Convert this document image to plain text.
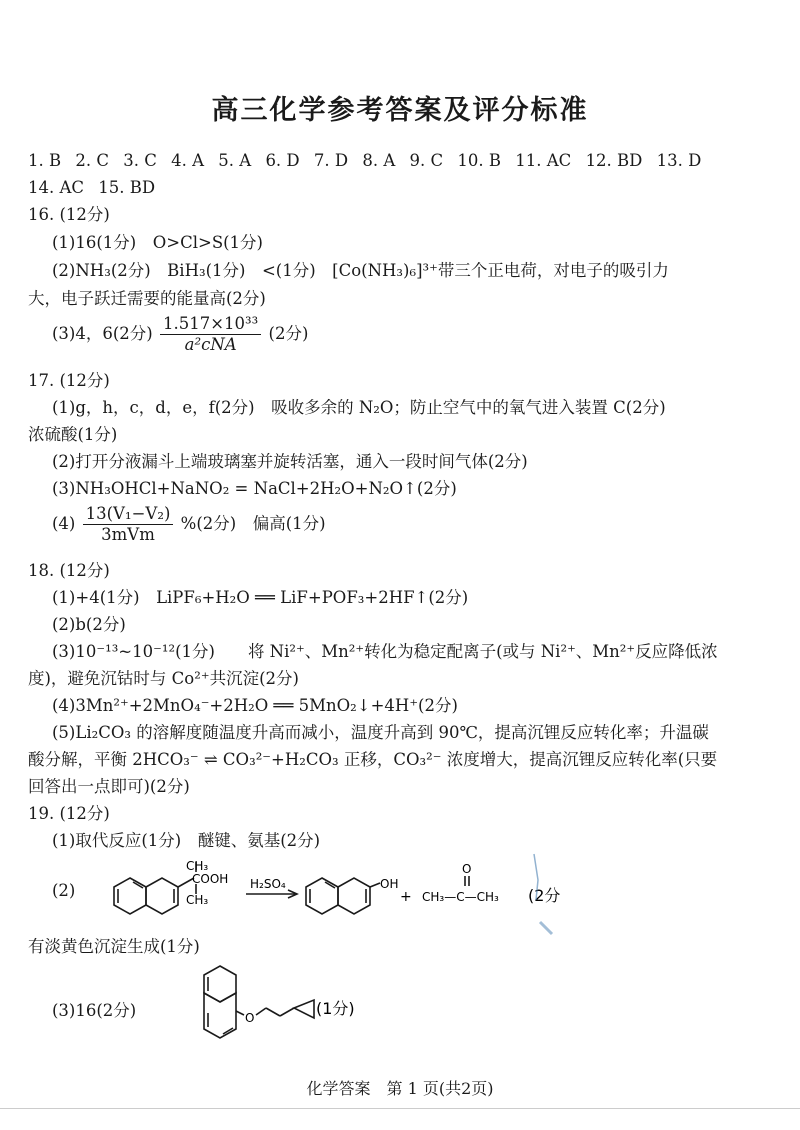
高三化学参考答案及评分标准
1. B 2. C 3. C 4. A 5. A 6. D 7. D 8. A 9. C 10. B 11. AC 12. BD 13. D
14. AC 15. BD
16. (12分)
(1)16(1分)　O>Cl>S(1分)
(2)NH₃(2分)　BiH₃(1分)　<(1分)　[Co(NH₃)₆]³⁺带三个正电荷，对电子的吸引力
大，电子跃迁需要的能量高(2分)
(3)4，6(2分) $\frac{\text{1.517×10³³}}{\text{a²cNA}} (2$分)
17. (12分)
(1)g，h，c，d，e，f(2分)　吸收多余的 N₂O；防止空气中的氧气进入装置 C(2分)
浓硫酸(1分)
(2)打开分液漏斗上端玻璃塞并旋转活塞，通入一段时间气体(2分)
(3)NH₃OHCl+NaNO₂ = NaCl+2H₂O+N₂O↑(2分)
$(4) \frac{\text{13(V₁−V₂)}}{\text{3mVm}} \%(2$分)　偏高(1分)
18. (12分)
(1)+4(1分)　LiPF₆+H₂O ══ LiF+POF₃+2HF↑(2分)
(2)b(2分)
(3)10⁻¹³~10⁻¹²(1分)　　将 Ni²⁺、Mn²⁺转化为稳定配离子(或与 Ni²⁺、Mn²⁺反应降低浓
度)，避免沉钴时与 Co²⁺共沉淀(2分)
(4)3Mn²⁺+2MnO₄⁻+2H₂O ══ 5MnO₂↓+4H⁺(2分)
(5)Li₂CO₃ 的溶解度随温度升高而减小，温度升高到 90℃，提高沉锂反应转化率；升温碳
酸分解，平衡 2HCO₃⁻ ⇌ CO₃²⁻+H₂CO₃ 正移，CO₃²⁻ 浓度增大，提高沉锂反应转化率(只要
回答出一点即可)(2分)
19. (12分)
(1)取代反应(1分)　醚键、氨基(2分)
(2)
CH₃
COOH
CH₃
H₂SO₄	OH
+
O
CH₃—C—CH₃ (2分
有淡黄色沉淀生成(1分)
(3)16(2分)	O	(1分)
化学答案　第 1 页(共2页)
